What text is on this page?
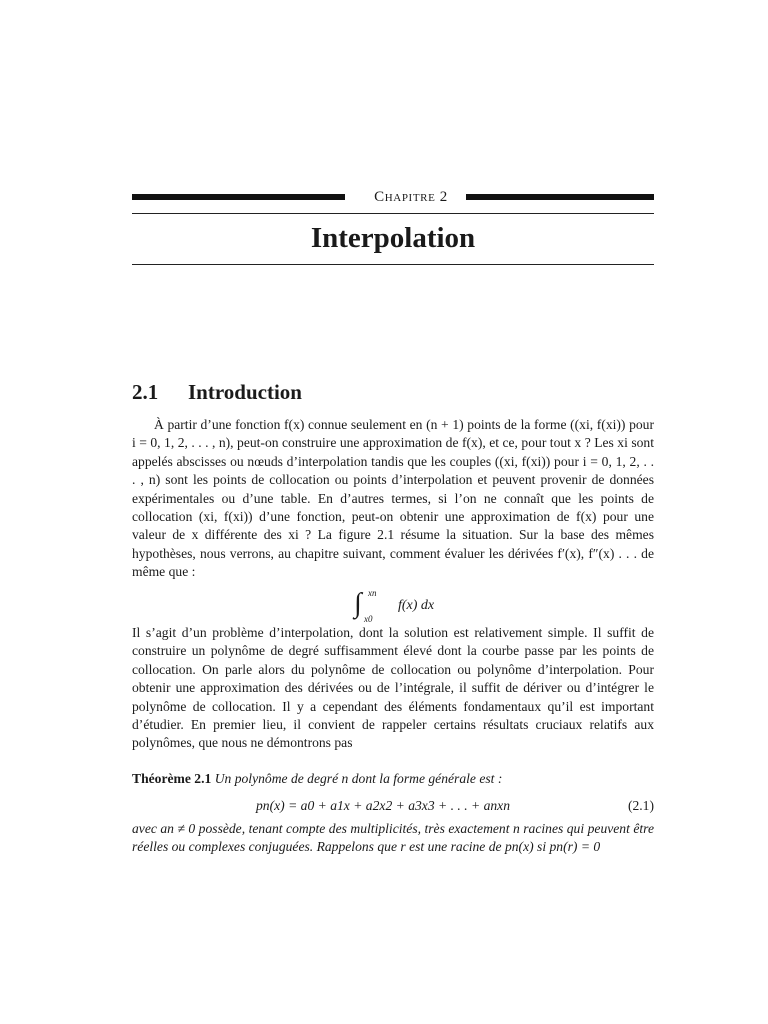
Chapitre 2
Interpolation
2.1 Introduction

À partir d’une fonction f(x) connue seulement en (n + 1) points de la forme ((xi, f(xi)) pour i = 0, 1, 2, . . . , n), peut-on construire une approximation de f(x), et ce, pour tout x ? Les xi sont appelés abscisses ou nœuds d’interpolation tandis que les couples ((xi, f(xi)) pour i = 0, 1, 2, . . . , n) sont les points de collocation ou points d’interpolation et peuvent provenir de données expérimentales ou d’une table. En d’autres termes, si l’on ne connaît que les points de collocation (xi, f(xi)) d’une fonction, peut-on obtenir une approximation de f(x) pour une valeur de x différente des xi ? La figure 2.1 résume la situation. Sur la base des mêmes hypothèses, nous verrons, au chapitre suivant, comment évaluer les dérivées f′(x), f″(x) . . . de même que :

∫ xn
x0
f(x) dx

Il s’agit d’un problème d’interpolation, dont la solution est relativement simple. Il suffit de construire un polynôme de degré suffisamment élevé dont la courbe passe par les points de collocation. On parle alors du polynôme de collocation ou polynôme d’interpolation. Pour obtenir une approximation des dérivées ou de l’intégrale, il suffit de dériver ou d’intégrer le polynôme de collocation. Il y a cependant des éléments fondamentaux qu’il est important d’étudier. En premier lieu, il convient de rappeler certains résultats cruciaux relatifs aux polynômes, que nous ne démontrons pas

Théorème 2.1 Un polynôme de degré n dont la forme générale est :
pn(x) = a0 + a1x + a2x2 + a3x3 + . . . + anxn	(2.1)
avec an ≠ 0 possède, tenant compte des multiplicités, très exactement n racines qui peuvent être réelles ou complexes conjuguées. Rappelons que r est une racine de pn(x) si pn(r) = 0
